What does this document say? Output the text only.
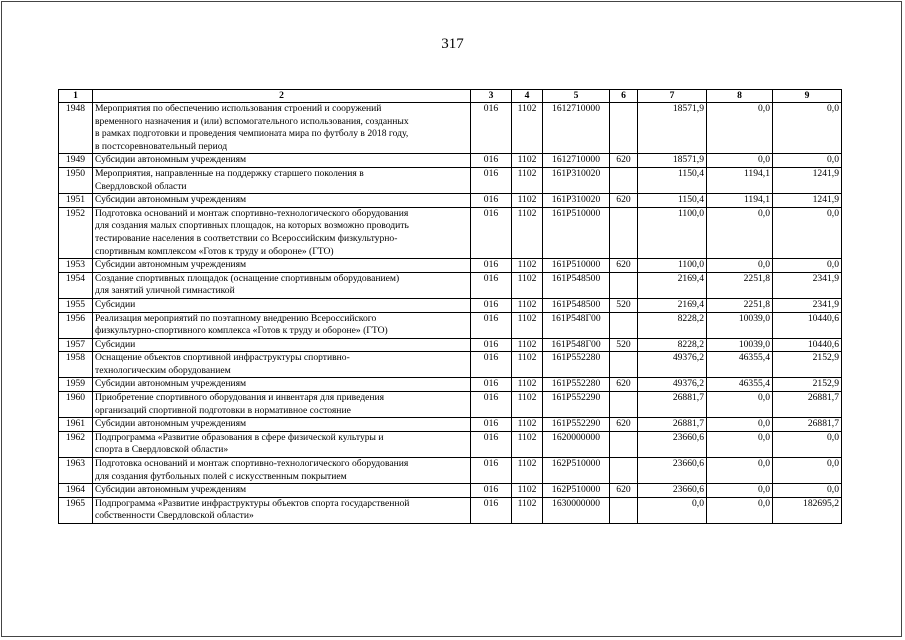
317
1	2	3	4	5	6	7	8	9
1948	Мероприятия по обеспечению использования строений и сооружений
временного назначения и (или) вспомогательного использования, созданных
в рамках подготовки и проведения чемпионата мира по футболу в 2018 году,
в постсоревновательный период	016	1102	1612710000		18571,9	0,0	0,0
1949	Субсидии автономным учреждениям	016	1102	1612710000	620	18571,9	0,0	0,0
1950	Мероприятия, направленные на поддержку старшего поколения в
Свердловской области	016	1102	161P310020		1150,4	1194,1	1241,9
1951	Субсидии автономным учреждениям	016	1102	161P310020	620	1150,4	1194,1	1241,9
1952	Подготовка оснований и монтаж спортивно-технологического оборудования
для создания малых спортивных площадок, на которых возможно проводить
тестирование населения в соответствии со Всероссийским физкультурно-
спортивным комплексом «Готов к труду и обороне» (ГТО)	016	1102	161P510000		1100,0	0,0	0,0
1953	Субсидии автономным учреждениям	016	1102	161P510000	620	1100,0	0,0	0,0
1954	Создание спортивных площадок (оснащение спортивным оборудованием)
для занятий уличной гимнастикой	016	1102	161P548500		2169,4	2251,8	2341,9
1955	Субсидии	016	1102	161P548500	520	2169,4	2251,8	2341,9
1956	Реализация мероприятий по поэтапному внедрению Всероссийского
физкультурно-спортивного комплекса «Готов к труду и обороне» (ГТО)	016	1102	161P548Г00		8228,2	10039,0	10440,6
1957	Субсидии	016	1102	161P548Г00	520	8228,2	10039,0	10440,6
1958	Оснащение объектов спортивной инфраструктуры спортивно-
технологическим оборудованием	016	1102	161P552280		49376,2	46355,4	2152,9
1959	Субсидии автономным учреждениям	016	1102	161P552280	620	49376,2	46355,4	2152,9
1960	Приобретение спортивного оборудования и инвентаря для приведения
организаций спортивной подготовки в нормативное состояние	016	1102	161P552290		26881,7	0,0	26881,7
1961	Субсидии автономным учреждениям	016	1102	161P552290	620	26881,7	0,0	26881,7
1962	Подпрограмма «Развитие образования в сфере физической культуры и
спорта в Свердловской области»	016	1102	1620000000		23660,6	0,0	0,0
1963	Подготовка оснований и монтаж спортивно-технологического оборудования
для создания футбольных полей с искусственным покрытием	016	1102	162P510000		23660,6	0,0	0,0
1964	Субсидии автономным учреждениям	016	1102	162P510000	620	23660,6	0,0	0,0
1965	Подпрограмма «Развитие инфраструктуры объектов спорта государственной
собственности Свердловской области»	016	1102	1630000000		0,0	0,0	182695,2
